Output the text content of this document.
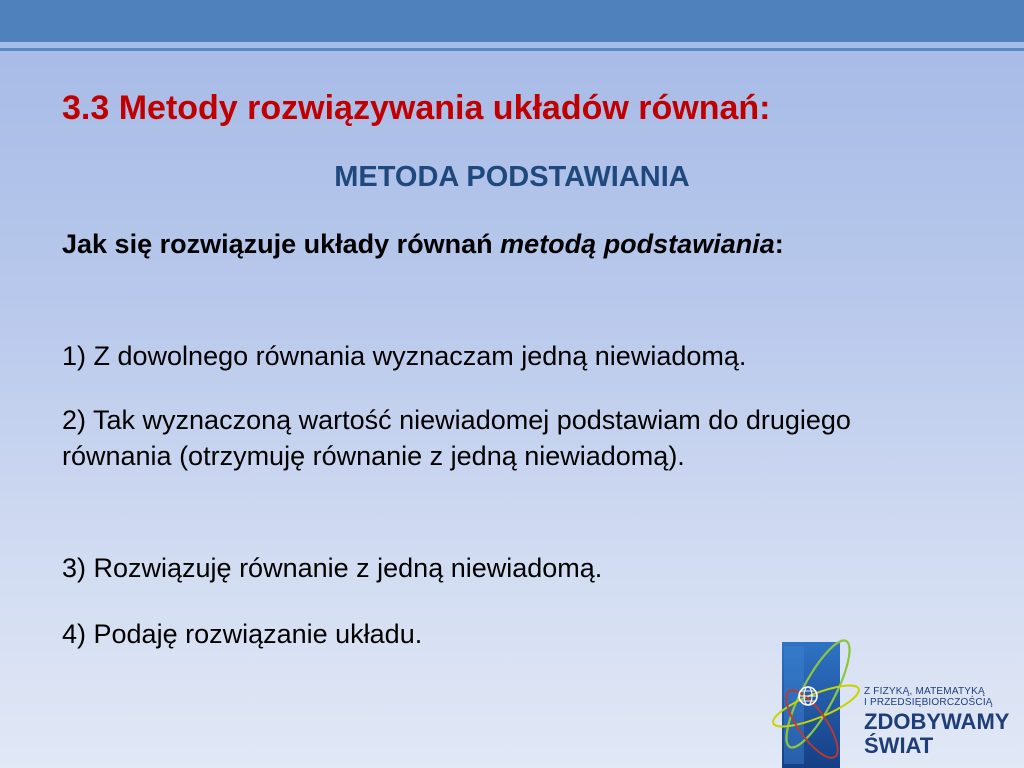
3.3 Metody rozwiązywania układów równań:
METODA PODSTAWIANIA

Jak się rozwiązuje układy równań metodą podstawiania:

1) Z dowolnego równania wyznaczam jedną niewiadomą.

2) Tak wyznaczoną wartość niewiadomej podstawiam do drugiego równania (otrzymuję równanie z jedną niewiadomą).

3) Rozwiązuję równanie z jedną niewiadomą.

4) Podaję rozwiązanie układu.

Z FIZYKĄ, MATEMATYKĄ
I PRZEDSIĘBIORCZOŚCIĄ
ZDOBYWAMY
ŚWIAT
